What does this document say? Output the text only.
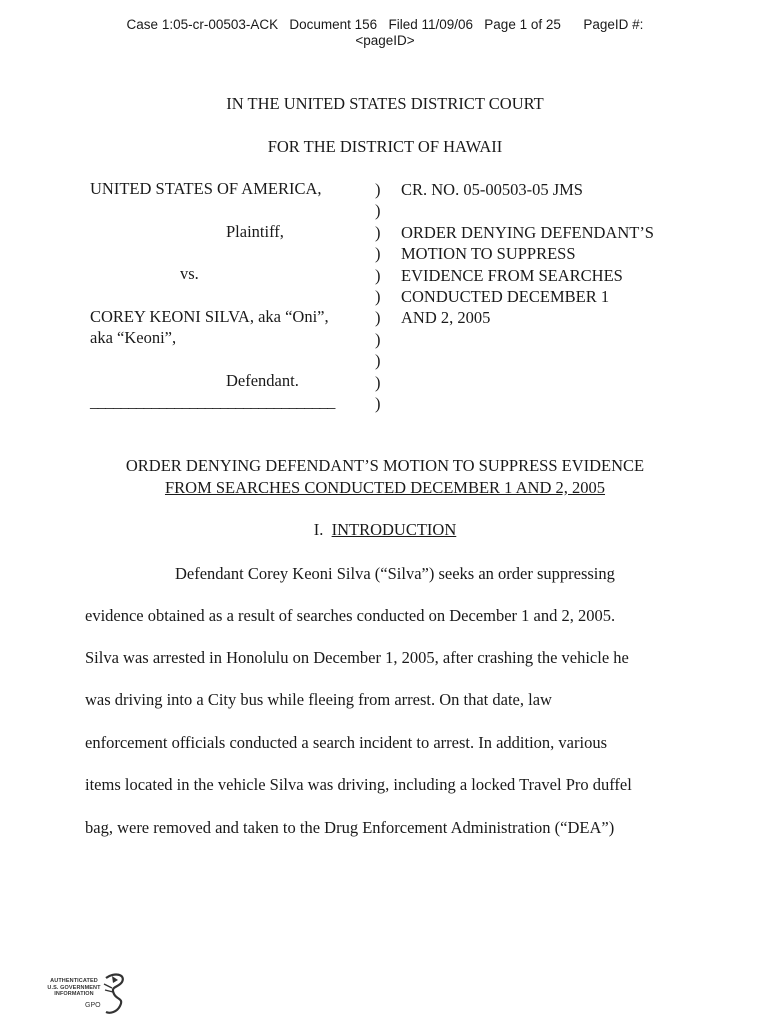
Case 1:05-cr-00503-ACK Document 156 Filed 11/09/06 Page 1 of 25 PageID #:
<pageID>
IN THE UNITED STATES DISTRICT COURT
FOR THE DISTRICT OF HAWAII
UNITED STATES OF AMERICA,
Plaintiff,
vs.
COREY KEONI SILVA, aka “Oni”,
aka “Keoni”,
Defendant.
________________________________
)
)
)
)
)
)
)
)
)
)
)
CR. NO. 05-00503-05 JMS

ORDER DENYING DEFENDANT’S
MOTION TO SUPPRESS
EVIDENCE FROM SEARCHES
CONDUCTED DECEMBER 1
AND 2, 2005
ORDER DENYING DEFENDANT’S MOTION TO SUPPRESS EVIDENCE
FROM SEARCHES CONDUCTED DECEMBER 1 AND 2, 2005
I. INTRODUCTION
Defendant Corey Keoni Silva (“Silva”) seeks an order suppressing
evidence obtained as a result of searches conducted on December 1 and 2, 2005.
Silva was arrested in Honolulu on December 1, 2005, after crashing the vehicle he
was driving into a City bus while fleeing from arrest. On that date, law
enforcement officials conducted a search incident to arrest. In addition, various
items located in the vehicle Silva was driving, including a locked Travel Pro duffel
bag, were removed and taken to the Drug Enforcement Administration (“DEA”)
AUTHENTICATED
U.S. GOVERNMENT
INFORMATION
GPO
